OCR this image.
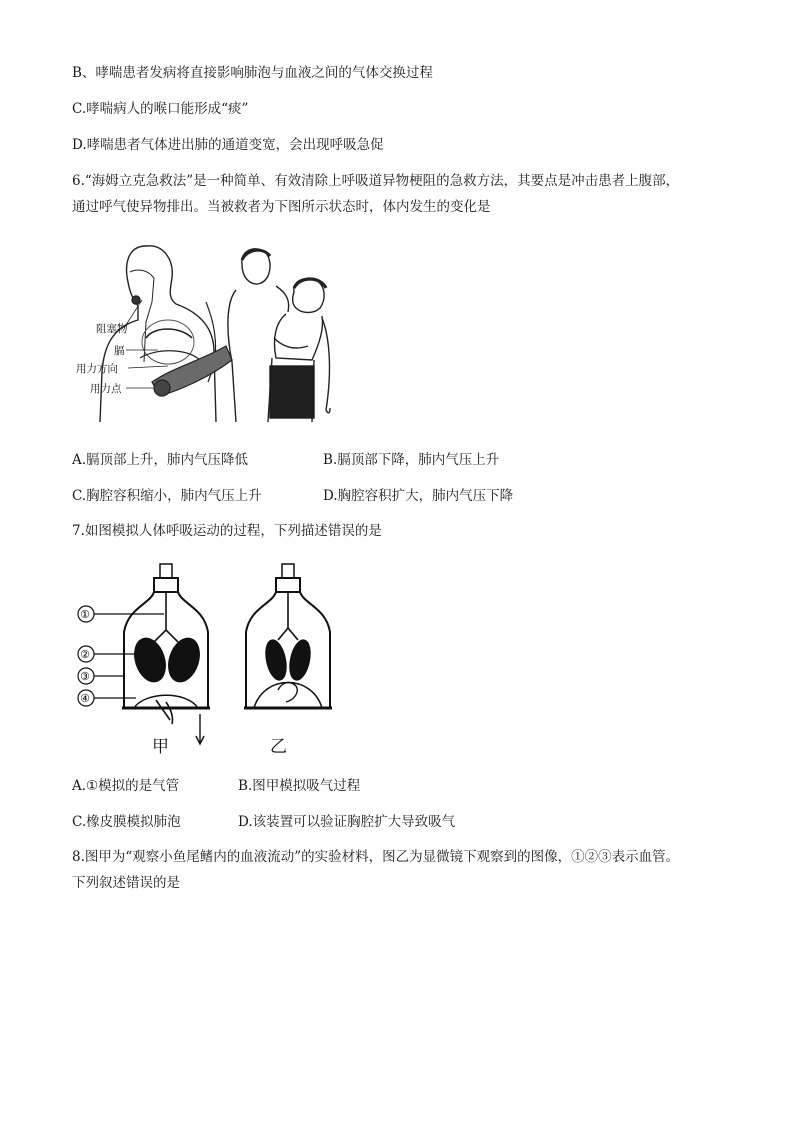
B、哮喘患者发病将直接影响肺泡与血液之间的气体交换过程
C.哮喘病人的喉口能形成“痰”
D.哮喘患者气体进出肺的通道变宽，会出现呼吸急促
6.“海姆立克急救法”是一种简单、有效清除上呼吸道异物梗阻的急救方法，其要点是冲击患者上腹部，
通过呼气使异物排出。当被救者为下图所示状态时，体内发生的变化是
阻塞物
膈
用力方向
用力点
A.膈顶部上升，肺内气压降低	B.膈顶部下降，肺内气压上升
C.胸腔容积缩小，肺内气压上升	D.胸腔容积扩大，肺内气压下降
7.如图模拟人体呼吸运动的过程，下列描述错误的是
①
②
③
④
甲	乙
A.①模拟的是气管	B.图甲模拟吸气过程
C.橡皮膜模拟肺泡	D.该装置可以验证胸腔扩大导致吸气
8.图甲为“观察小鱼尾鳍内的血液流动”的实验材料，图乙为显微镜下观察到的图像，①②③表示血管。
下列叙述错误的是
